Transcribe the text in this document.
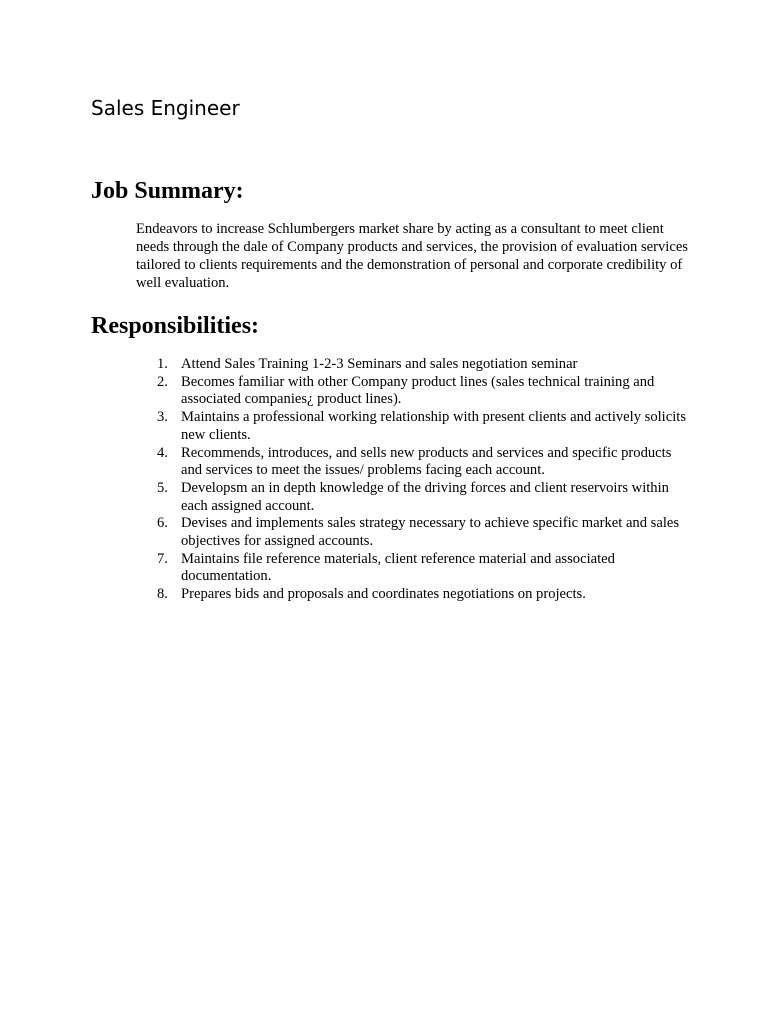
Sales Engineer
Job Summary:

Endeavors to increase Schlumbergers market share by acting as a consultant to meet client needs through the dale of Company products and services, the provision of evaluation services tailored to clients requirements and the demonstration of personal and corporate credibility of well evaluation.

Responsibilities:
1. Attend Sales Training 1-2-3 Seminars and sales negotiation seminar
2. Becomes familiar with other Company product lines (sales technical training and associated companies¿ product lines).
3. Maintains a professional working relationship with present clients and actively solicits new clients.
4. Recommends, introduces, and sells new products and services and specific products and services to meet the issues/ problems facing each account.
5. Developsm an in depth knowledge of the driving forces and client reservoirs within each assigned account.
6. Devises and implements sales strategy necessary to achieve specific market and sales objectives for assigned accounts.
7. Maintains file reference materials, client reference material and associated documentation.
8. Prepares bids and proposals and coordinates negotiations on projects.
